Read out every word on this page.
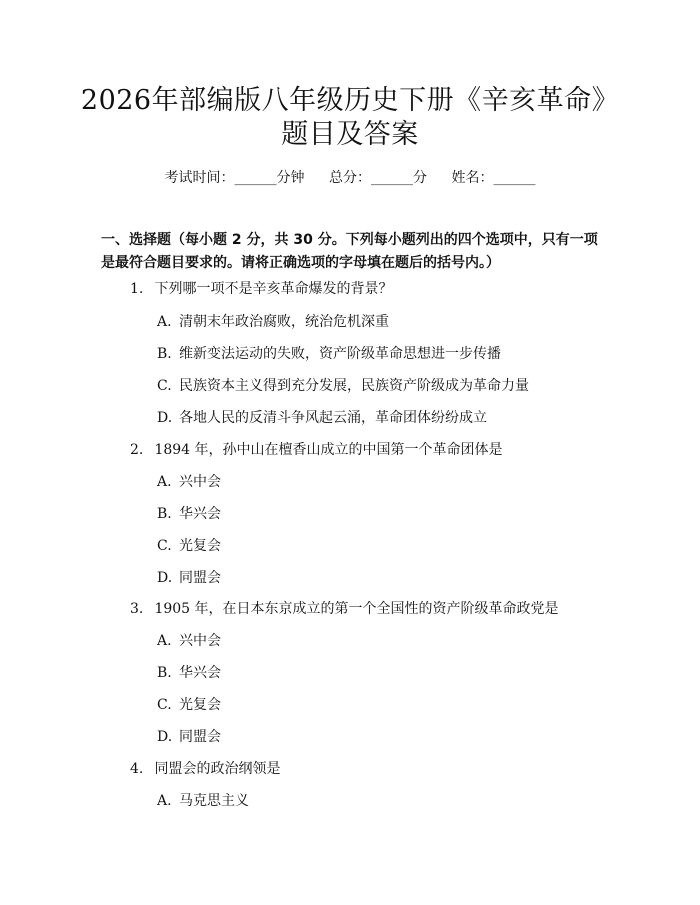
2026年部编版八年级历史下册《辛亥革命》
题目及答案
考试时间：______分钟 总分：______分 姓名：______
一、选择题（每小题 2 分，共 30 分。下列每小题列出的四个选项中，只有一项是最符合题目要求的。请将正确选项的字母填在题后的括号内。）
1. 下列哪一项不是辛亥革命爆发的背景？
A. 清朝末年政治腐败，统治危机深重
B. 维新变法运动的失败，资产阶级革命思想进一步传播
C. 民族资本主义得到充分发展，民族资产阶级成为革命力量
D. 各地人民的反清斗争风起云涌，革命团体纷纷成立
2. 1894 年，孙中山在檀香山成立的中国第一个革命团体是
A. 兴中会
B. 华兴会
C. 光复会
D. 同盟会
3. 1905 年，在日本东京成立的第一个全国性的资产阶级革命政党是
A. 兴中会
B. 华兴会
C. 光复会
D. 同盟会
4. 同盟会的政治纲领是
A. 马克思主义
